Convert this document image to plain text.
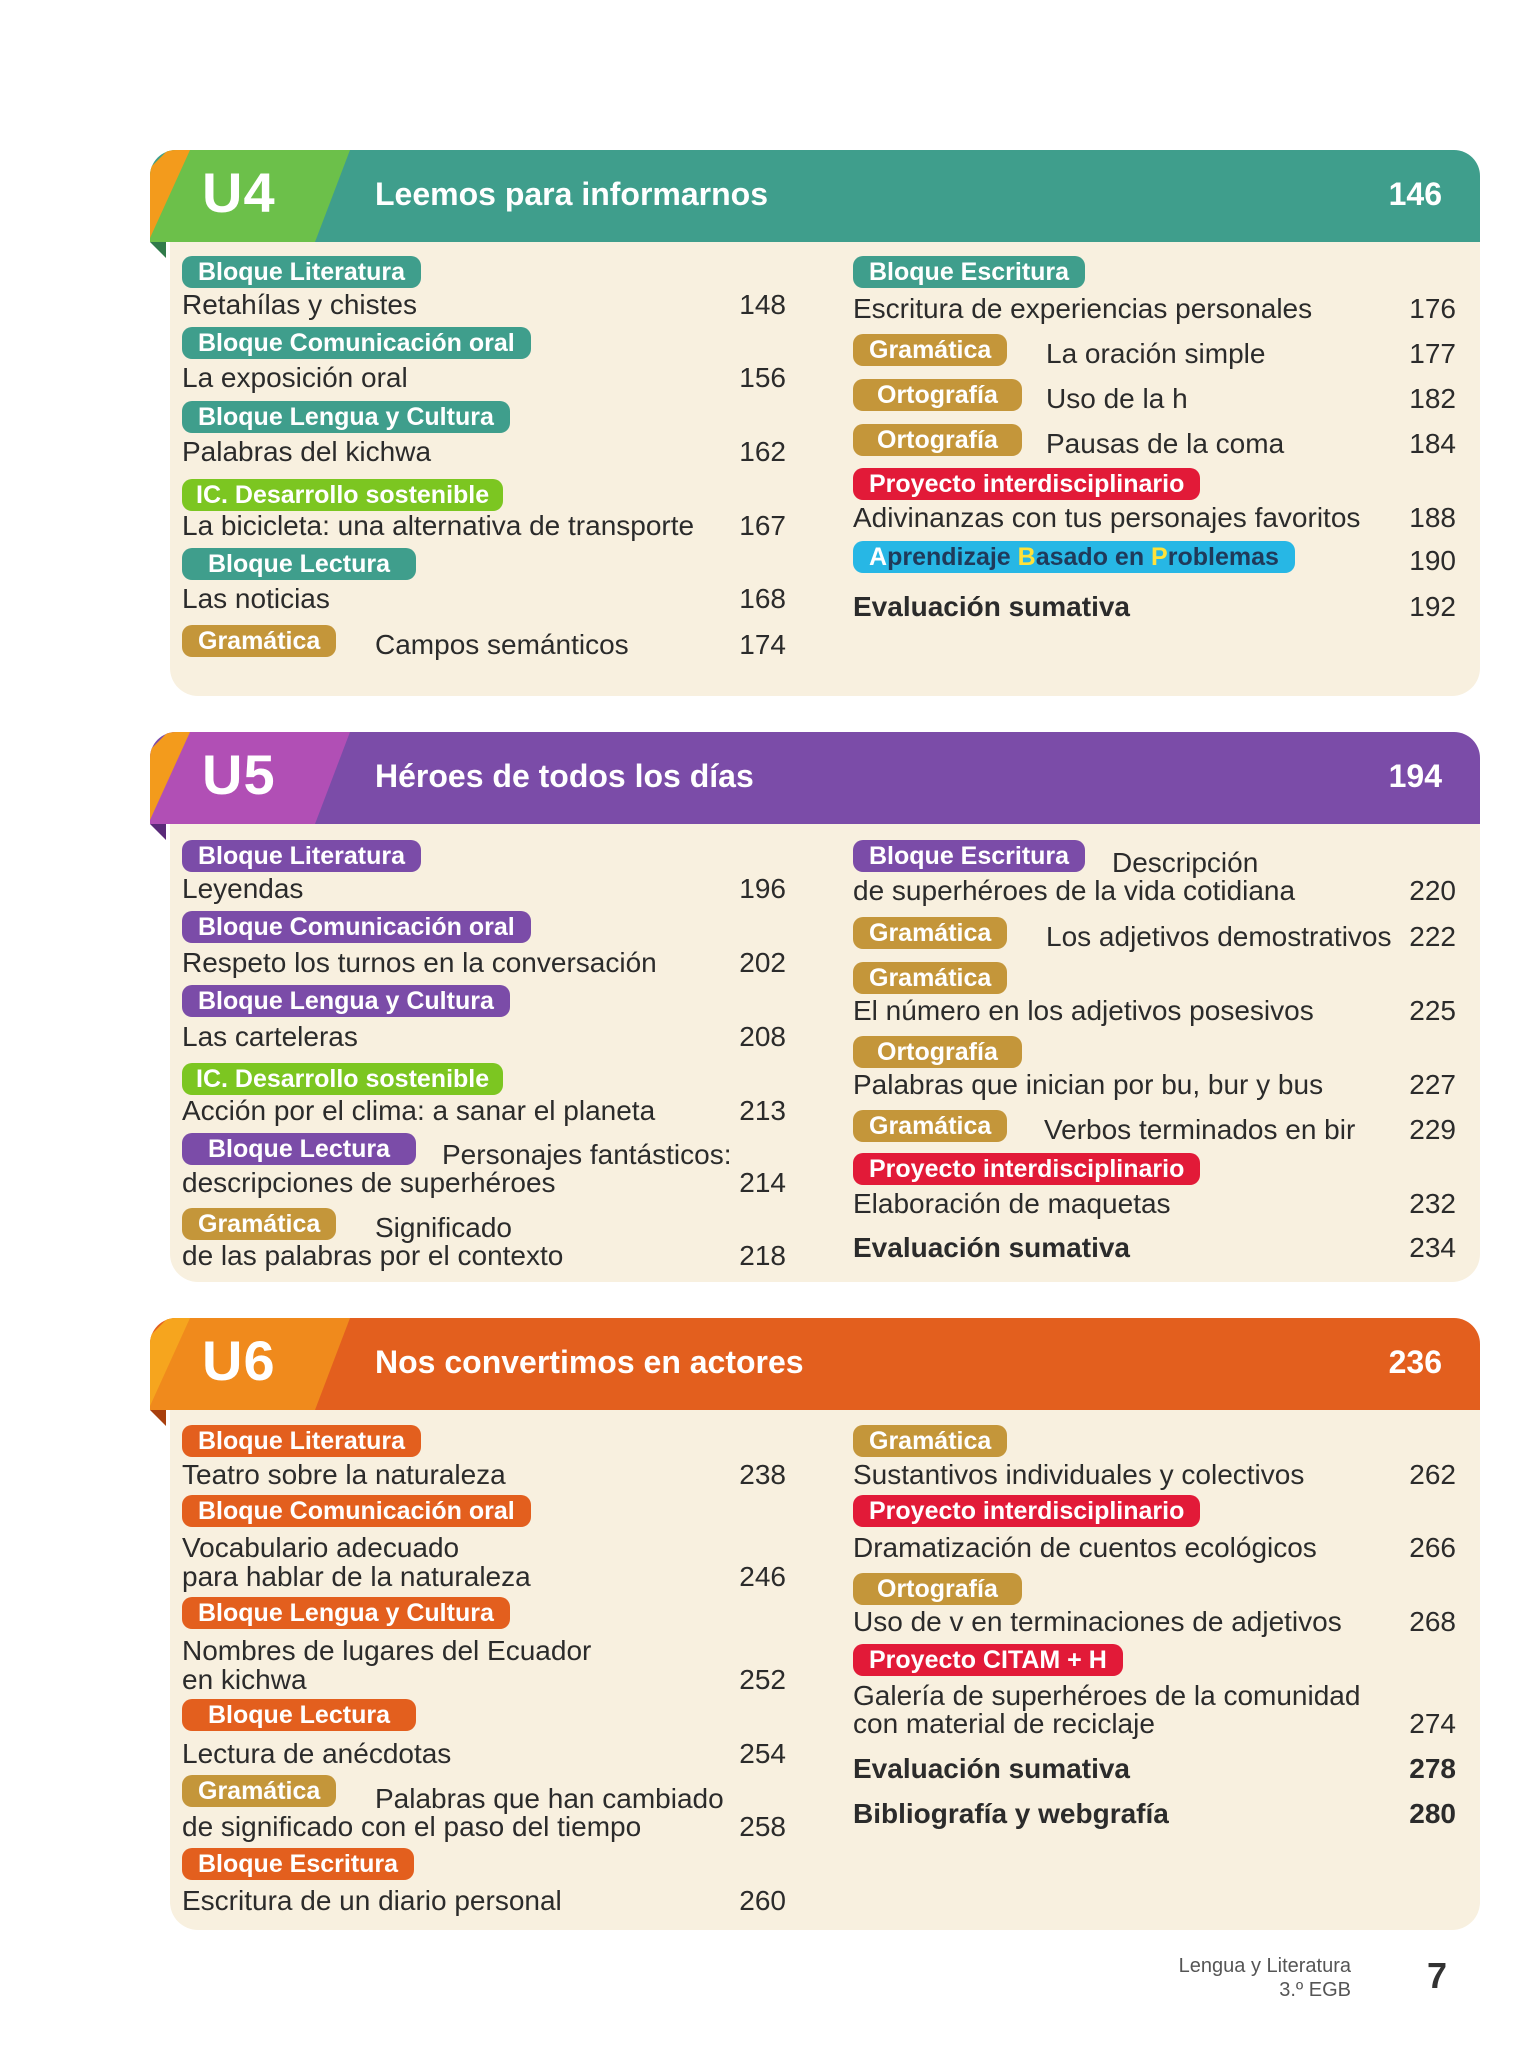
U4	Leemos para informarnos	146
Bloque Literatura
Retahílas y chistes	148
Bloque Comunicación oral
La exposición oral	156
Bloque Lengua y Cultura
Palabras del kichwa	162
IC. Desarrollo sostenible
La bicicleta: una alternativa de transporte	167
Bloque Lectura
Las noticias	168
Gramática	Campos semánticos	174
Bloque Escritura
Escritura de experiencias personales	176
Gramática	La oración simple	177
Ortografía	Uso de la h	182
Ortografía	Pausas de la coma	184
Proyecto interdisciplinario
Adivinanzas con tus personajes favoritos	188
Aprendizaje Basado en Problemas	190
Evaluación sumativa	192
U5	Héroes de todos los días	194
Bloque Literatura
Leyendas	196
Bloque Comunicación oral
Respeto los turnos en la conversación	202
Bloque Lengua y Cultura
Las carteleras	208
IC. Desarrollo sostenible
Acción por el clima: a sanar el planeta	213
Bloque Lectura	Personajes fantásticos:
descripciones de superhéroes	214
Gramática	Significado
de las palabras por el contexto	218
Bloque Escritura	Descripción
de superhéroes de la vida cotidiana	220
Gramática	Los adjetivos demostrativos 222
Gramática
El número en los adjetivos posesivos	225
Ortografía
Palabras que inician por bu, bur y bus	227
Gramática	Verbos terminados en bir	229
Proyecto interdisciplinario
Elaboración de maquetas	232
Evaluación sumativa	234
U6	Nos convertimos en actores	236
Bloque Literatura
Teatro sobre la naturaleza	238
Bloque Comunicación oral
Vocabulario adecuado
para hablar de la naturaleza	246
Bloque Lengua y Cultura
Nombres de lugares del Ecuador
en kichwa	252
Bloque Lectura
Lectura de anécdotas	254
Gramática	Palabras que han cambiado
de significado con el paso del tiempo	258
Bloque Escritura
Escritura de un diario personal	260
Gramática
Sustantivos individuales y colectivos	262
Proyecto interdisciplinario
Dramatización de cuentos ecológicos	266
Ortografía
Uso de v en terminaciones de adjetivos	268
Proyecto CITAM + H
Galería de superhéroes de la comunidad
con material de reciclaje	274
Evaluación sumativa	278
Bibliografía y webgrafía	280
Lengua y Literatura
3.º EGB 7
